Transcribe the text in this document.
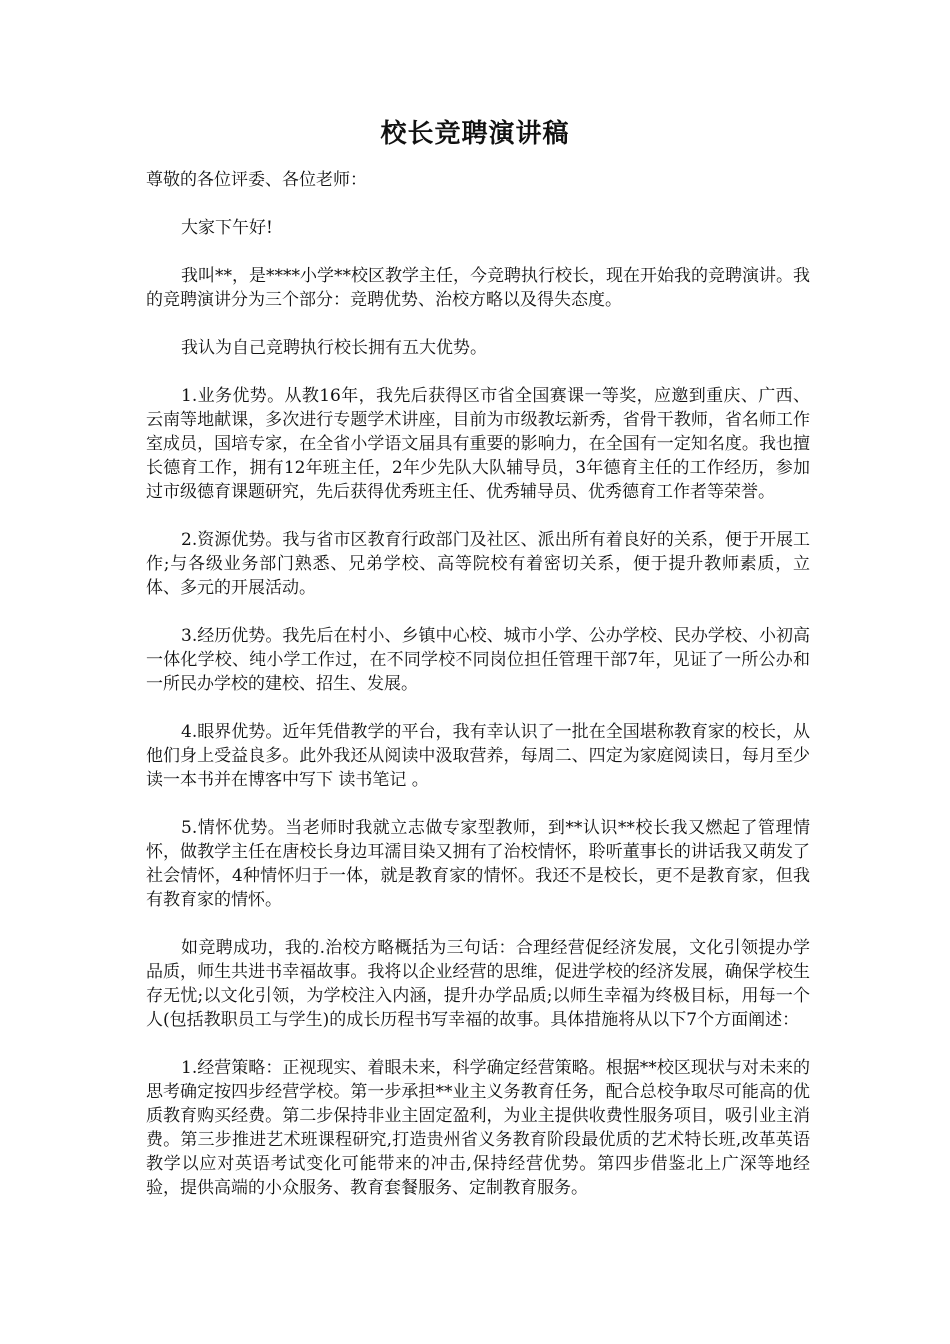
校长竞聘演讲稿

尊敬的各位评委、各位老师：

大家下午好!

我叫**，是****小学**校区教学主任，今竞聘执行校长，现在开始我的竞聘演讲。我的竞聘演讲分为三个部分：竞聘优势、治校方略以及得失态度。

我认为自己竞聘执行校长拥有五大优势。

1.业务优势。从教16年，我先后获得区市省全国赛课一等奖，应邀到重庆、广西、云南等地献课，多次进行专题学术讲座，目前为市级教坛新秀，省骨干教师，省名师工作室成员，国培专家，在全省小学语文届具有重要的影响力，在全国有一定知名度。我也擅长德育工作，拥有12年班主任，2年少先队大队辅导员，3年德育主任的工作经历，参加过市级德育课题研究，先后获得优秀班主任、优秀辅导员、优秀德育工作者等荣誉。

2.资源优势。我与省市区教育行政部门及社区、派出所有着良好的关系，便于开展工作;与各级业务部门熟悉、兄弟学校、高等院校有着密切关系，便于提升教师素质，立体、多元的开展活动。

3.经历优势。我先后在村小、乡镇中心校、城市小学、公办学校、民办学校、小初高一体化学校、纯小学工作过，在不同学校不同岗位担任管理干部7年，见证了一所公办和一所民办学校的建校、招生、发展。

4.眼界优势。近年凭借教学的平台，我有幸认识了一批在全国堪称教育家的校长，从他们身上受益良多。此外我还从阅读中汲取营养，每周二、四定为家庭阅读日，每月至少读一本书并在博客中写下 读书笔记 。

5.情怀优势。当老师时我就立志做专家型教师，到**认识**校长我又燃起了管理情怀，做教学主任在唐校长身边耳濡目染又拥有了治校情怀，聆听董事长的讲话我又萌发了社会情怀，4种情怀归于一体，就是教育家的情怀。我还不是校长，更不是教育家，但我有教育家的情怀。

如竞聘成功，我的.治校方略概括为三句话：合理经营促经济发展，文化引领提办学品质，师生共进书幸福故事。我将以企业经营的思维，促进学校的经济发展，确保学校生存无忧;以文化引领，为学校注入内涵，提升办学品质;以师生幸福为终极目标，用每一个人(包括教职员工与学生)的成长历程书写幸福的故事。具体措施将从以下7个方面阐述：

1.经营策略：正视现实、着眼未来，科学确定经营策略。根据**校区现状与对未来的思考确定按四步经营学校。第一步承担**业主义务教育任务，配合总校争取尽可能高的优质教育购买经费。第二步保持非业主固定盈利，为业主提供收费性服务项目，吸引业主消费。第三步推进艺术班课程研究,打造贵州省义务教育阶段最优质的艺术特长班,改革英语教学以应对英语考试变化可能带来的冲击,保持经营优势。第四步借鉴北上广深等地经验，提供高端的小众服务、教育套餐服务、定制教育服务。
